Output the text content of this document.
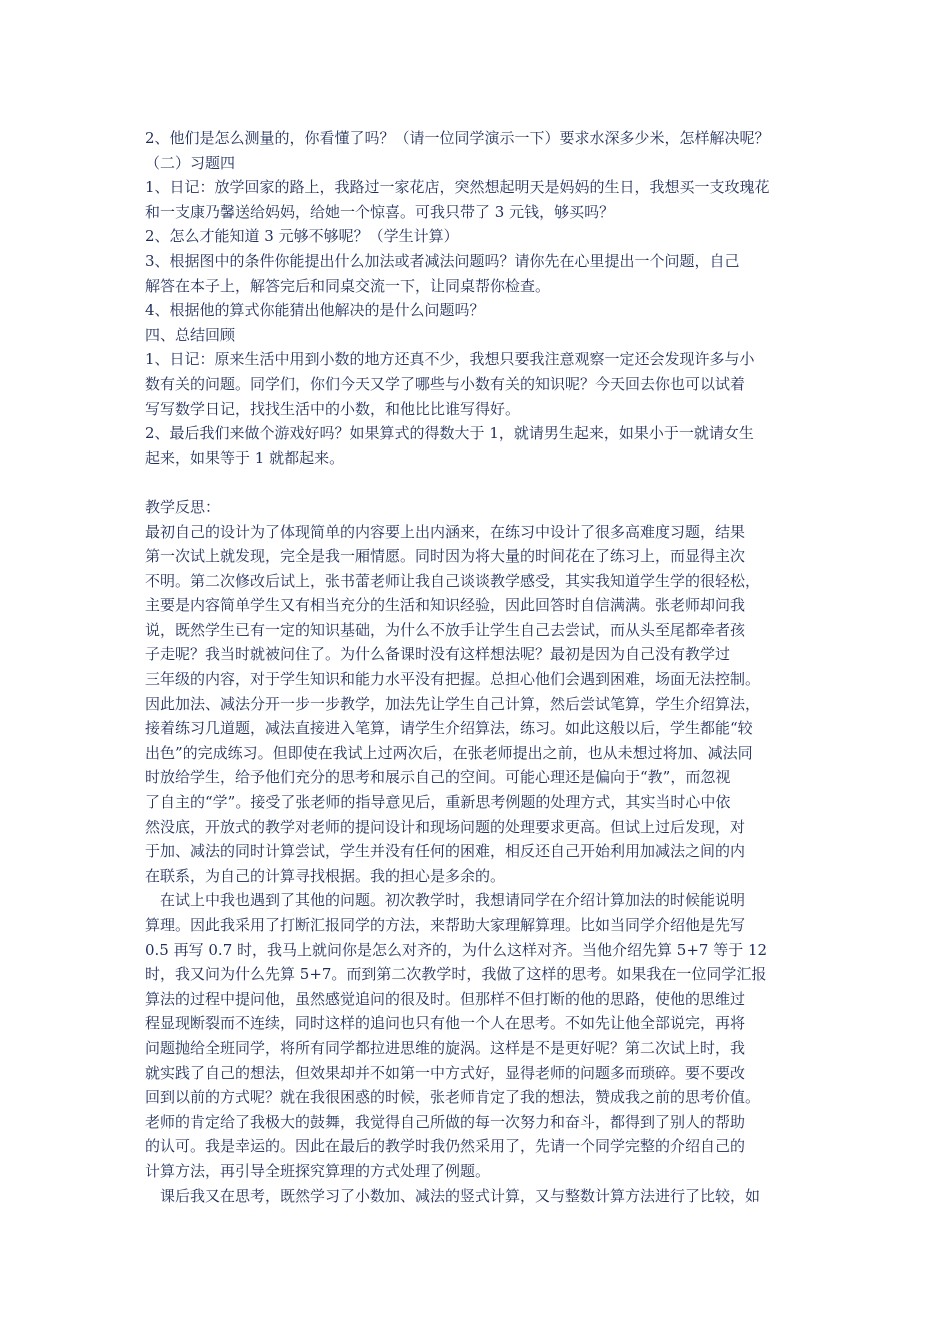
2、他们是怎么测量的，你看懂了吗？（请一位同学演示一下）要求水深多少米，怎样解决呢？
（二）习题四
1、日记：放学回家的路上，我路过一家花店，突然想起明天是妈妈的生日，我想买一支玫瑰花
和一支康乃馨送给妈妈，给她一个惊喜。可我只带了 3 元钱，够买吗？
2、怎么才能知道 3 元够不够呢？（学生计算）
3、根据图中的条件你能提出什么加法或者减法问题吗？请你先在心里提出一个问题，自己
解答在本子上，解答完后和同桌交流一下，让同桌帮你检查。
4、根据他的算式你能猜出他解决的是什么问题吗？
四、总结回顾
1、日记：原来生活中用到小数的地方还真不少，我想只要我注意观察一定还会发现许多与小
数有关的问题。同学们，你们今天又学了哪些与小数有关的知识呢？今天回去你也可以试着
写写数学日记，找找生活中的小数，和他比比谁写得好。
2、最后我们来做个游戏好吗？如果算式的得数大于 1，就请男生起来，如果小于一就请女生
起来，如果等于 1 就都起来。
教学反思：
最初自己的设计为了体现简单的内容要上出内涵来，在练习中设计了很多高难度习题，结果
第一次试上就发现，完全是我一厢情愿。同时因为将大量的时间花在了练习上，而显得主次
不明。第二次修改后试上，张书蕾老师让我自己谈谈教学感受，其实我知道学生学的很轻松，
主要是内容简单学生又有相当充分的生活和知识经验，因此回答时自信满满。张老师却问我
说，既然学生已有一定的知识基础，为什么不放手让学生自己去尝试，而从头至尾都牵者孩
子走呢？我当时就被问住了。为什么备课时没有这样想法呢？最初是因为自己没有教学过
三年级的内容，对于学生知识和能力水平没有把握。总担心他们会遇到困难，场面无法控制。
因此加法、减法分开一步一步教学，加法先让学生自己计算，然后尝试笔算，学生介绍算法，
接着练习几道题，减法直接进入笔算，请学生介绍算法，练习。如此这般以后，学生都能“较
出色”的完成练习。但即使在我试上过两次后，在张老师提出之前，也从未想过将加、减法同
时放给学生，给予他们充分的思考和展示自己的空间。可能心理还是偏向于“教”，而忽视
了自主的“学”。接受了张老师的指导意见后，重新思考例题的处理方式，其实当时心中依
然没底，开放式的教学对老师的提问设计和现场问题的处理要求更高。但试上过后发现，对
于加、减法的同时计算尝试，学生并没有任何的困难，相反还自己开始利用加减法之间的内
在联系，为自己的计算寻找根据。我的担心是多余的。
　在试上中我也遇到了其他的问题。初次教学时，我想请同学在介绍计算加法的时候能说明
算理。因此我采用了打断汇报同学的方法，来帮助大家理解算理。比如当同学介绍他是先写
0.5 再写 0.7 时，我马上就问你是怎么对齐的，为什么这样对齐。当他介绍先算 5+7 等于 12
时，我又问为什么先算 5+7。而到第二次教学时，我做了这样的思考。如果我在一位同学汇报
算法的过程中提问他，虽然感觉追问的很及时。但那样不但打断的他的思路，使他的思维过
程显现断裂而不连续，同时这样的追问也只有他一个人在思考。不如先让他全部说完，再将
问题抛给全班同学，将所有同学都拉进思维的旋涡。这样是不是更好呢？第二次试上时，我
就实践了自己的想法，但效果却并不如第一中方式好，显得老师的问题多而琐碎。要不要改
回到以前的方式呢？就在我很困惑的时候，张老师肯定了我的想法，赞成我之前的思考价值。
老师的肯定给了我极大的鼓舞，我觉得自己所做的每一次努力和奋斗，都得到了别人的帮助
的认可。我是幸运的。因此在最后的教学时我仍然采用了，先请一个同学完整的介绍自己的
计算方法，再引导全班探究算理的方式处理了例题。
　课后我又在思考，既然学习了小数加、减法的竖式计算，又与整数计算方法进行了比较，如
